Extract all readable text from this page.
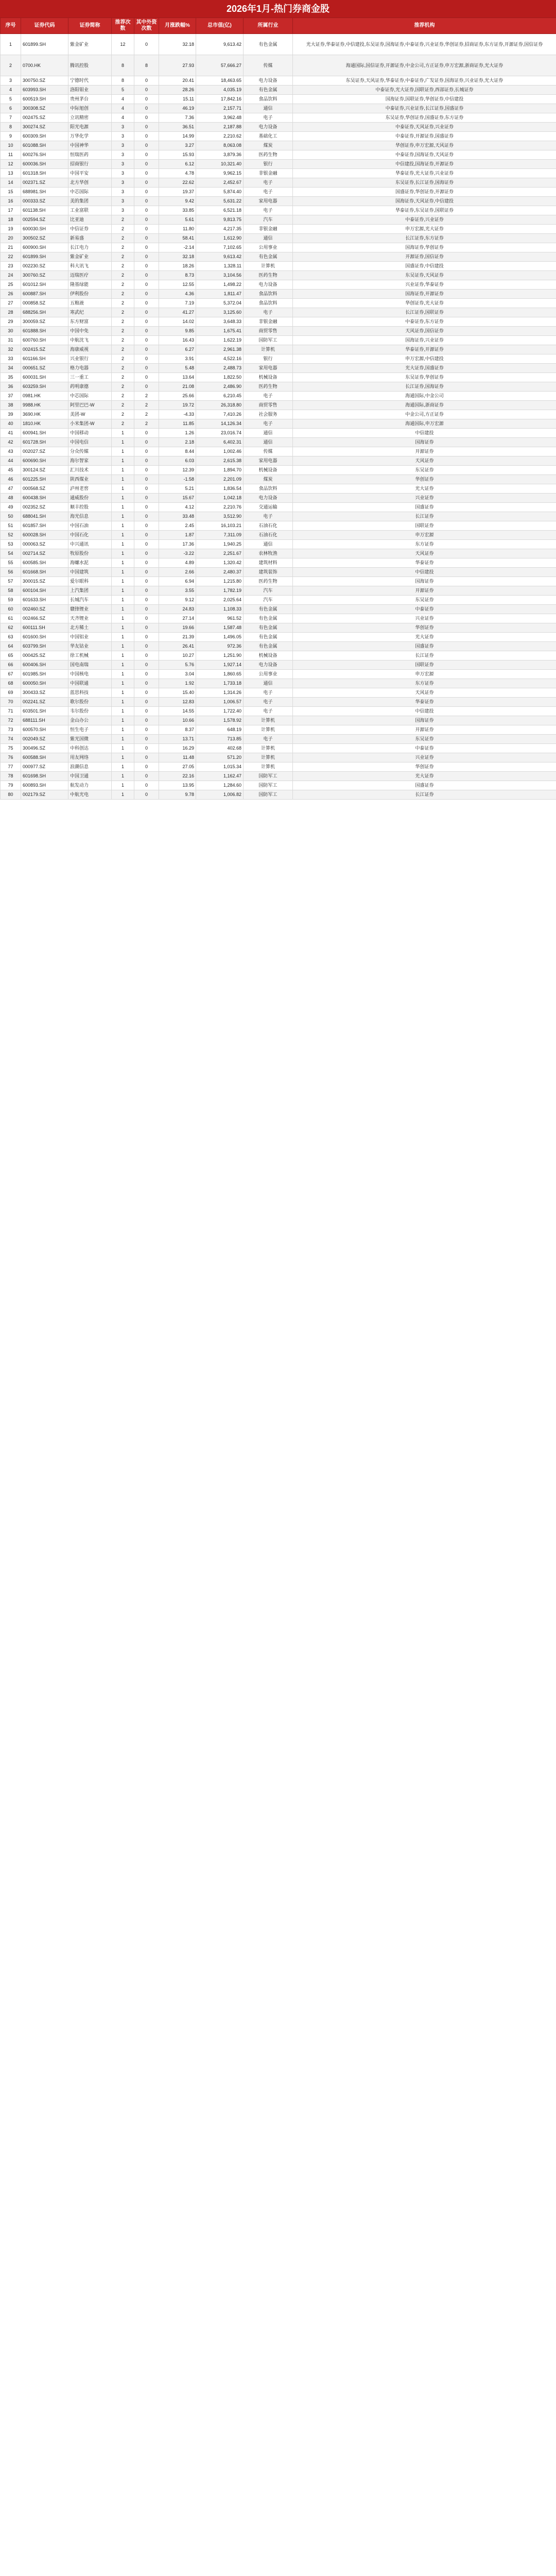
2026年1月-热门券商金股
序号	证券代码	证券简称	推荐次数	其中外资次数	月涨跌幅%	总市值(亿)	所属行业	推荐机构
1	601899.SH	紫金矿业	12	0	32.18	9,613.42	有色金属	光大证券,华泰证券,中信建投,东吴证券,国海证券,中泰证券,兴业证券,华创证券,招商证券,东方证券,开源证券,国信证券
2	0700.HK	腾讯控股	8	8	27.93	57,666.27	传媒	海通国际,国信证券,开源证券,中金公司,方正证券,申万宏源,浙商证券,光大证券
3	300750.SZ	宁德时代	8	0	20.41	18,463.65	电力设备	东吴证券,天风证券,华泰证券,中泰证券,广发证券,国海证券,兴业证券,光大证券
4	603993.SH	洛阳钼业	5	0	28.26	4,035.19	有色金属	中泰证券,光大证券,国联证券,西部证券,长城证券
5	600519.SH	贵州茅台	4	0	15.11	17,842.16	食品饮料	国海证券,国联证券,华创证券,中信建投
6	300308.SZ	中际旭创	4	0	46.19	2,157.71	通信	中泰证券,兴业证券,长江证券,国盛证券
7	002475.SZ	立讯精密	4	0	7.36	3,962.48	电子	东吴证券,华创证券,国盛证券,东方证券
8	300274.SZ	阳光电源	3	0	36.51	2,187.88	电力设备	中泰证券,天风证券,兴业证券
9	600309.SH	万华化学	3	0	14.99	2,210.62	基础化工	中泰证券,开源证券,国盛证券
10	601088.SH	中国神华	3	0	3.27	8,063.08	煤炭	华创证券,申万宏源,天风证券
11	600276.SH	恒瑞医药	3	0	15.93	3,879.36	医药生物	中泰证券,国海证券,天风证券
12	600036.SH	招商银行	3	0	6.12	10,321.40	银行	中信建投,国海证券,开源证券
13	601318.SH	中国平安	3	0	4.78	9,962.15	非银金融	华泰证券,光大证券,兴业证券
14	002371.SZ	北方华创	3	0	22.62	2,452.67	电子	东吴证券,长江证券,国海证券
15	688981.SH	中芯国际	3	0	19.37	5,874.40	电子	国盛证券,华创证券,开源证券
16	000333.SZ	美的集团	3	0	9.42	5,631.22	家用电器	国海证券,天风证券,中信建投
17	601138.SH	工业富联	3	0	33.85	6,521.18	电子	华泰证券,东吴证券,国联证券
18	002594.SZ	比亚迪	2	0	5.61	9,813.75	汽车	中泰证券,兴业证券
19	600030.SH	中信证券	2	0	11.80	4,217.35	非银金融	申万宏源,光大证券
20	300502.SZ	新易盛	2	0	58.41	1,612.90	通信	长江证券,东方证券
21	600900.SH	长江电力	2	0	-2.14	7,102.65	公用事业	国海证券,华创证券
22	601899.SH	紫金矿业	2	0	32.18	9,613.42	有色金属	开源证券,国信证券
23	002230.SZ	科大讯飞	2	0	18.26	1,328.11	计算机	国盛证券,中信建投
24	300760.SZ	迈瑞医疗	2	0	8.73	3,104.56	医药生物	东吴证券,天风证券
25	601012.SH	隆基绿能	2	0	12.55	1,498.22	电力设备	兴业证券,华泰证券
26	600887.SH	伊利股份	2	0	4.36	1,811.47	食品饮料	国海证券,开源证券
27	000858.SZ	五粮液	2	0	7.19	5,372.04	食品饮料	华创证券,光大证券
28	688256.SH	寒武纪	2	0	41.27	3,125.60	电子	长江证券,国联证券
29	300059.SZ	东方财富	2	0	14.02	3,648.33	非银金融	中泰证券,东方证券
30	601888.SH	中国中免	2	0	9.85	1,675.41	商贸零售	天风证券,国信证券
31	600760.SH	中航沈飞	2	0	16.43	1,622.19	国防军工	国海证券,兴业证券
32	002415.SZ	海康威视	2	0	6.27	2,961.38	计算机	华泰证券,开源证券
33	601166.SH	兴业银行	2	0	3.91	4,522.16	银行	申万宏源,中信建投
34	000651.SZ	格力电器	2	0	5.48	2,488.73	家用电器	光大证券,国盛证券
35	600031.SH	三一重工	2	0	13.64	1,822.50	机械设备	东吴证券,华创证券
36	603259.SH	药明康德	2	0	21.08	2,486.90	医药生物	长江证券,国海证券
37	0981.HK	中芯国际	2	2	25.66	6,210.45	电子	海通国际,中金公司
38	9988.HK	阿里巴巴-W	2	2	19.72	26,318.80	商贸零售	海通国际,浙商证券
39	3690.HK	美团-W	2	2	-4.33	7,410.26	社会服务	中金公司,方正证券
40	1810.HK	小米集团-W	2	2	11.85	14,126.34	电子	海通国际,申万宏源
41	600941.SH	中国移动	1	0	1.26	23,016.74	通信	中信建投
42	601728.SH	中国电信	1	0	2.18	6,402.31	通信	国海证券
43	002027.SZ	分众传媒	1	0	8.44	1,002.46	传媒	开源证券
44	600690.SH	海尔智家	1	0	6.03	2,615.38	家用电器	天风证券
45	300124.SZ	汇川技术	1	0	12.39	1,894.70	机械设备	东吴证券
46	601225.SH	陕西煤业	1	0	-1.58	2,201.09	煤炭	华创证券
47	000568.SZ	泸州老窖	1	0	5.21	1,836.54	食品饮料	光大证券
48	600438.SH	通威股份	1	0	15.67	1,042.18	电力设备	兴业证券
49	002352.SZ	顺丰控股	1	0	4.12	2,210.76	交通运输	国盛证券
50	688041.SH	海光信息	1	0	33.48	3,512.90	电子	长江证券
51	601857.SH	中国石油	1	0	2.45	16,103.21	石油石化	国联证券
52	600028.SH	中国石化	1	0	1.87	7,311.09	石油石化	申万宏源
53	000063.SZ	中兴通讯	1	0	17.36	1,940.25	通信	东方证券
54	002714.SZ	牧原股份	1	0	-3.22	2,251.67	农林牧渔	天风证券
55	600585.SH	海螺水泥	1	0	4.89	1,320.42	建筑材料	华泰证券
56	601668.SH	中国建筑	1	0	2.66	2,480.37	建筑装饰	中信建投
57	300015.SZ	爱尔眼科	1	0	6.94	1,215.80	医药生物	国海证券
58	600104.SH	上汽集团	1	0	3.55	1,782.19	汽车	开源证券
59	601633.SH	长城汽车	1	0	9.12	2,025.64	汽车	东吴证券
60	002460.SZ	赣锋锂业	1	0	24.83	1,108.33	有色金属	中泰证券
61	002466.SZ	天齐锂业	1	0	27.14	961.52	有色金属	兴业证券
62	600111.SH	北方稀土	1	0	19.66	1,587.48	有色金属	华创证券
63	601600.SH	中国铝业	1	0	21.39	1,496.05	有色金属	光大证券
64	603799.SH	华友钴业	1	0	26.41	972.36	有色金属	国盛证券
65	000425.SZ	徐工机械	1	0	10.27	1,251.90	机械设备	长江证券
66	600406.SH	国电南瑞	1	0	5.76	1,927.14	电力设备	国联证券
67	601985.SH	中国核电	1	0	3.04	1,860.65	公用事业	申万宏源
68	600050.SH	中国联通	1	0	1.92	1,733.18	通信	东方证券
69	300433.SZ	蓝思科技	1	0	15.40	1,314.26	电子	天风证券
70	002241.SZ	歌尔股份	1	0	12.83	1,006.57	电子	华泰证券
71	603501.SH	韦尔股份	1	0	14.55	1,722.40	电子	中信建投
72	688111.SH	金山办公	1	0	10.66	1,578.92	计算机	国海证券
73	600570.SH	恒生电子	1	0	8.37	648.19	计算机	开源证券
74	002049.SZ	紫光国微	1	0	13.71	713.85	电子	东吴证券
75	300496.SZ	中科创达	1	0	16.29	402.68	计算机	中泰证券
76	600588.SH	用友网络	1	0	11.48	571.20	计算机	兴业证券
77	000977.SZ	浪潮信息	1	0	27.05	1,015.34	计算机	华创证券
78	601698.SH	中国卫通	1	0	22.16	1,162.47	国防军工	光大证券
79	600893.SH	航发动力	1	0	13.95	1,284.60	国防军工	国盛证券
80	002179.SZ	中航光电	1	0	9.78	1,006.82	国防军工	长江证券
